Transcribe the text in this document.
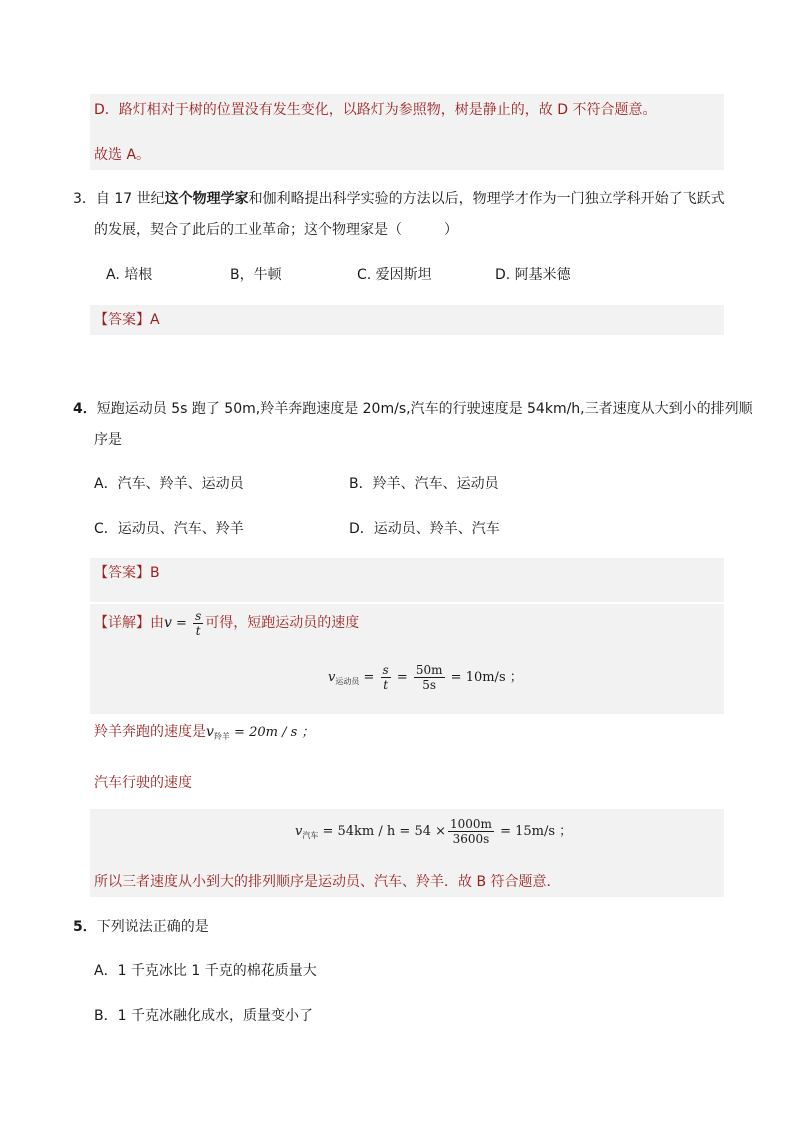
D．路灯相对于树的位置没有发生变化，以路灯为参照物，树是静止的，故 D 不符合题意。
故选 A。
3．自 17 世纪这个物理学家和伽利略提出科学实验的方法以后，物理学才作为一门独立学科开始了飞跃式
的发展，契合了此后的工业革命；这个物理家是（　　　）
A. 培根	B，牛顿	C. 爱因斯坦	D. 阿基米德
【答案】A
4．短跑运动员 5s 跑了 50m,羚羊奔跑速度是 20m/s,汽车的行驶速度是 54km/h,三者速度从大到小的排列顺
序是
A．汽车、羚羊、运动员	B．羚羊、汽车、运动员
C．运动员、汽车、羚羊	D．运动员、羚羊、汽车
【答案】B
【详解】由$v = \frac{s}{t}$ 可得，短跑运动员的速度
$v_{运动员} = \frac{s}{t} = \frac{50m}{5s} = 10m/s$ ；
羚羊奔跑的速度是$v_{羚羊} = 20m / s$ ；
汽车行驶的速度
$v_{汽车} = 54km / h = 54 \times \frac{1000m}{3600s} = 15m/s$ ；
所以三者速度从小到大的排列顺序是运动员、汽车、羚羊．故 B 符合题意．
5．下列说法正确的是
A．1 千克冰比 1 千克的棉花质量大
B．1 千克冰融化成水，质量变小了
